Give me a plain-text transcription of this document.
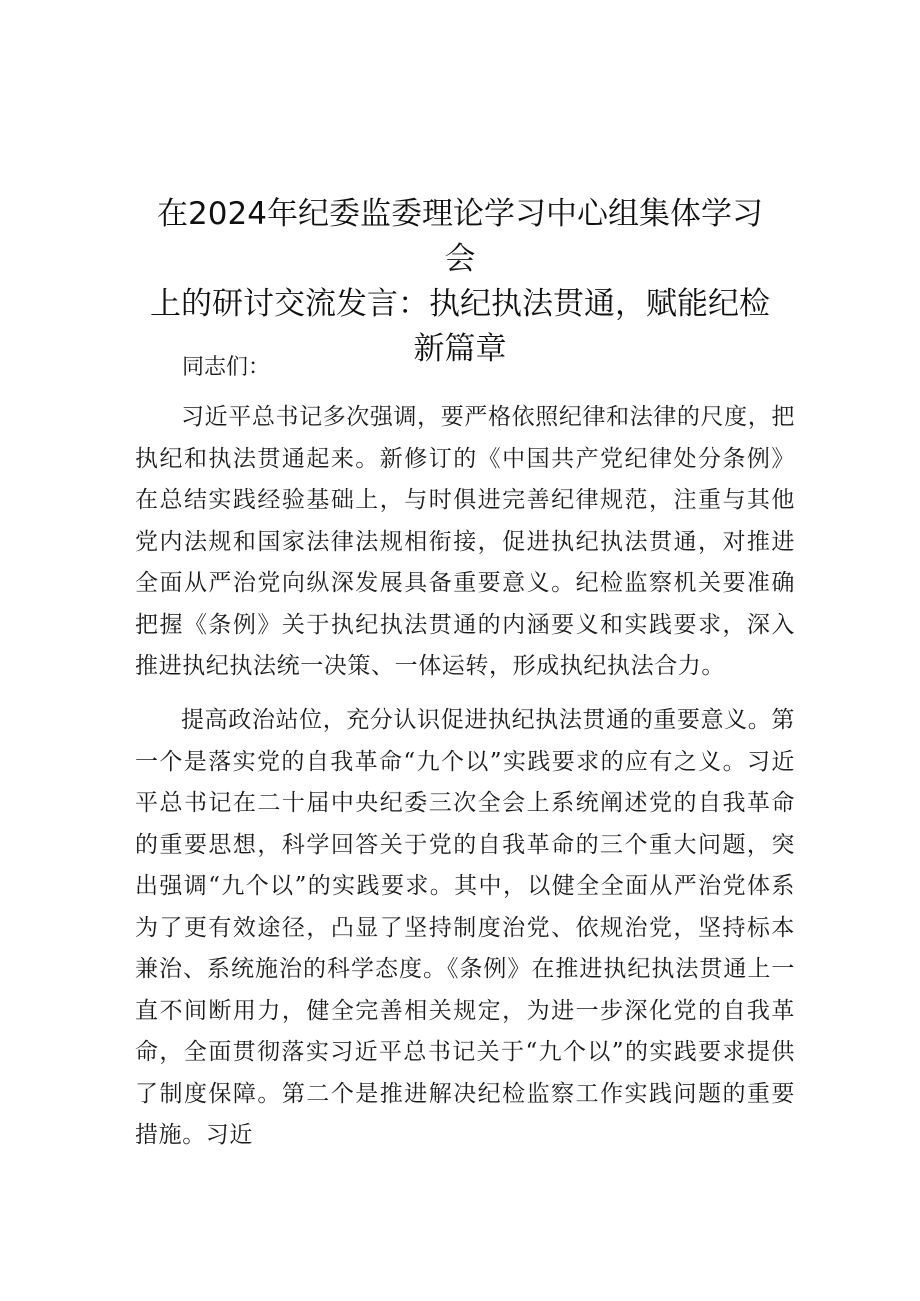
在2024年纪委监委理论学习中心组集体学习会
上的研讨交流发言：执纪执法贯通，赋能纪检
新篇章

同志们：

习近平总书记多次强调，要严格依照纪律和法律的尺度，把执纪和执法贯通起来。新修订的《中国共产党纪律处分条例》在总结实践经验基础上，与时俱进完善纪律规范，注重与其他党内法规和国家法律法规相衔接，促进执纪执法贯通，对推进全面从严治党向纵深发展具备重要意义。纪检监察机关要准确把握《条例》关于执纪执法贯通的内涵要义和实践要求，深入推进执纪执法统一决策、一体运转，形成执纪执法合力。

提高政治站位，充分认识促进执纪执法贯通的重要意义。第一个是落实党的自我革命“九个以”实践要求的应有之义。习近平总书记在二十届中央纪委三次全会上系统阐述党的自我革命的重要思想，科学回答关于党的自我革命的三个重大问题，突出强调“九个以”的实践要求。其中，以健全全面从严治党体系为了更有效途径，凸显了坚持制度治党、依规治党，坚持标本兼治、系统施治的科学态度。《条例》在推进执纪执法贯通上一直不间断用力，健全完善相关规定，为进一步深化党的自我革命，全面贯彻落实习近平总书记关于“九个以”的实践要求提供了制度保障。第二个是推进解决纪检监察工作实践问题的重要措施。习近
